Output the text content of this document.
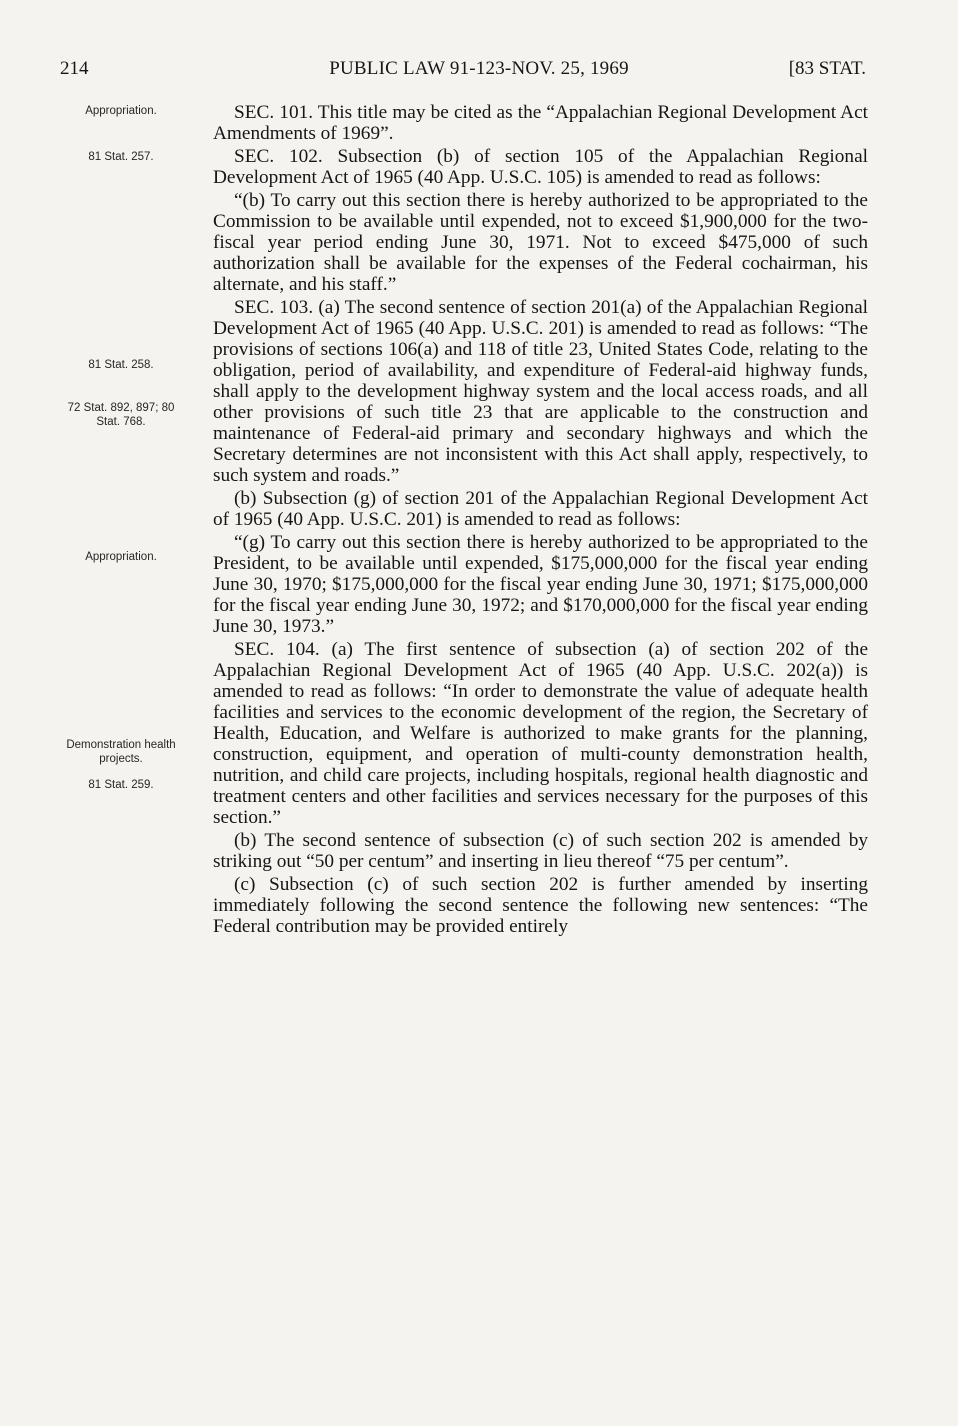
214	PUBLIC LAW 91-123-NOV. 25, 1969	[83 STAT.
Appropriation.
81 Stat. 257.
81 Stat. 258.
72 Stat. 892, 897; 80 Stat. 768.
Appropriation.
Demonstration health projects.
81 Stat. 259.

SEC. 101. This title may be cited as the “Appalachian Regional Development Act Amendments of 1969”.

SEC. 102. Subsection (b) of section 105 of the Appalachian Regional Development Act of 1965 (40 App. U.S.C. 105) is amended to read as follows:

“(b) To carry out this section there is hereby authorized to be appropriated to the Commission to be available until expended, not to exceed $1,900,000 for the two-fiscal year period ending June 30, 1971. Not to exceed $475,000 of such authorization shall be available for the expenses of the Federal cochairman, his alternate, and his staff.”

SEC. 103. (a) The second sentence of section 201(a) of the Appalachian Regional Development Act of 1965 (40 App. U.S.C. 201) is amended to read as follows: “The provisions of sections 106(a) and 118 of title 23, United States Code, relating to the obligation, period of availability, and expenditure of Federal-aid highway funds, shall apply to the development highway system and the local access roads, and all other provisions of such title 23 that are applicable to the construction and maintenance of Federal-aid primary and secondary highways and which the Secretary determines are not inconsistent with this Act shall apply, respectively, to such system and roads.”

(b) Subsection (g) of section 201 of the Appalachian Regional Development Act of 1965 (40 App. U.S.C. 201) is amended to read as follows:

“(g) To carry out this section there is hereby authorized to be appropriated to the President, to be available until expended, $175,000,000 for the fiscal year ending June 30, 1970; $175,000,000 for the fiscal year ending June 30, 1971; $175,000,000 for the fiscal year ending June 30, 1972; and $170,000,000 for the fiscal year ending June 30, 1973.”

SEC. 104. (a) The first sentence of subsection (a) of section 202 of the Appalachian Regional Development Act of 1965 (40 App. U.S.C. 202(a)) is amended to read as follows: “In order to demonstrate the value of adequate health facilities and services to the economic development of the region, the Secretary of Health, Education, and Welfare is authorized to make grants for the planning, construction, equipment, and operation of multi-county demonstration health, nutrition, and child care projects, including hospitals, regional health diagnostic and treatment centers and other facilities and services necessary for the purposes of this section.”

(b) The second sentence of subsection (c) of such section 202 is amended by striking out “50 per centum” and inserting in lieu thereof “75 per centum”.

(c) Subsection (c) of such section 202 is further amended by inserting immediately following the second sentence the following new sentences: “The Federal contribution may be provided entirely
